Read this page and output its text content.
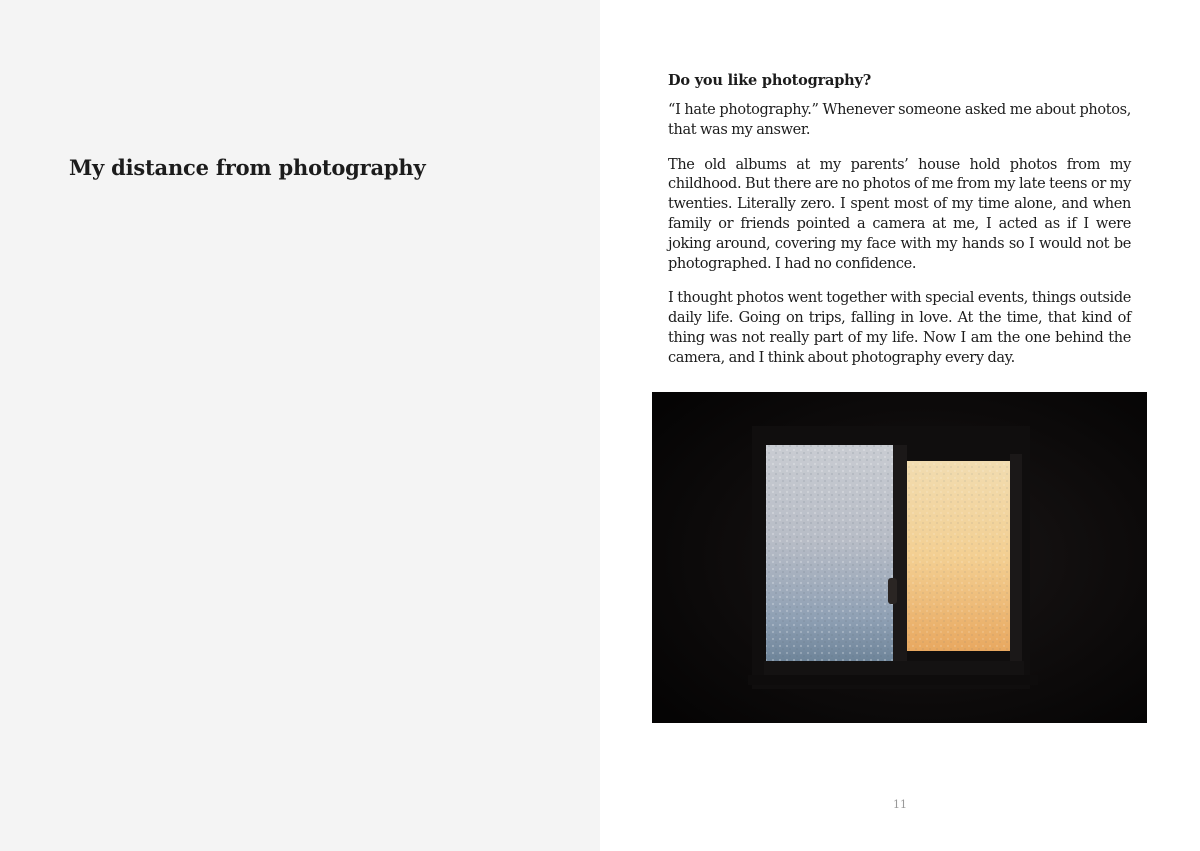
My distance from photography
Do you like photography?

“I hate photography.” Whenever someone asked me about photos, that was my answer.

The old albums at my parents’ house hold photos from my childhood. But there are no photos of me from my late teens or my twenties. Literally zero. I spent most of my time alone, and when family or friends pointed a camera at me, I acted as if I were joking around, covering my face with my hands so I would not be photographed. I had no confidence.

I thought photos went together with special events, things outside daily life. Going on trips, falling in love. At the time, that kind of thing was not really part of my life. Now I am the one behind the camera, and I think about photography every day.

11
